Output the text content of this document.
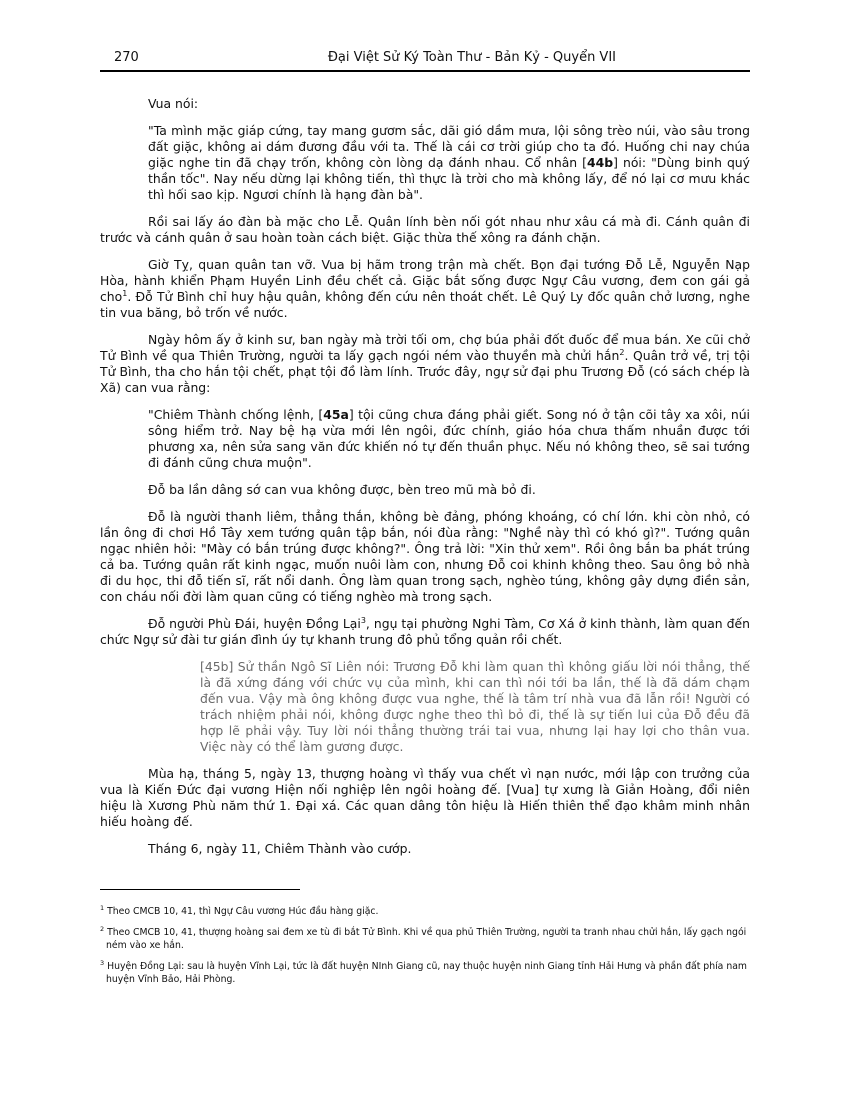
270	Đại Việt Sử Ký Toàn Thư - Bản Kỷ - Quyển VII

Vua nói:

"Ta mình mặc giáp cứng, tay mang gươm sắc, dãi gió dầm mưa, lội sông trèo núi, vào sâu trong đất giặc, không ai dám đương đầu với ta. Thế là cái cơ trời giúp cho ta đó. Huống chi nay chúa giặc nghe tin đã chạy trốn, không còn lòng dạ đánh nhau. Cổ nhân [44b] nói: "Dùng binh quý thần tốc". Nay nếu dừng lại không tiến, thì thực là trời cho mà không lấy, để nó lại cơ mưu khác thì hối sao kịp. Ngươi chính là hạng đàn bà".

Rồi sai lấy áo đàn bà mặc cho Lễ. Quân lính bèn nối gót nhau như xâu cá mà đi. Cánh quân đi trước và cánh quân ở sau hoàn toàn cách biệt. Giặc thừa thế xông ra đánh chặn.

Giờ Tỵ, quan quân tan vỡ. Vua bị hãm trong trận mà chết. Bọn đại tướng Đỗ Lễ, Nguyễn Nạp Hòa, hành khiển Phạm Huyền Linh đều chết cả. Giặc bắt sống được Ngự Câu vương, đem con gái gả cho$^1$. Đỗ Tử Bình chỉ huy hậu quân, không đến cứu nên thoát chết. Lê Quý Ly đốc quân chở lương, nghe tin vua băng, bỏ trốn về nước.

Ngày hôm ấy ở kinh sư, ban ngày mà trời tối om, chợ búa phải đốt đuốc để mua bán. Xe cũi chở Tử Bình về qua Thiên Trường, người ta lấy gạch ngói ném vào thuyền mà chửi hắn$^2$. Quân trở về, trị tội Tử Bình, tha cho hắn tội chết, phạt tội đồ làm lính. Trước đây, ngự sử đại phu Trương Đỗ (có sách chép là Xã) can vua rằng:

"Chiêm Thành chống lệnh, [45a] tội cũng chưa đáng phải giết. Song nó ở tận cõi tây xa xôi, núi sông hiểm trở. Nay bệ hạ vừa mới lên ngôi, đức chính, giáo hóa chưa thấm nhuần được tới phương xa, nên sửa sang văn đức khiến nó tự đến thuần phục. Nếu nó không theo, sẽ sai tướng đi đánh cũng chưa muộn".

Đỗ ba lần dâng sớ can vua không được, bèn treo mũ mà bỏ đi.

Đỗ là người thanh liêm, thẳng thắn, không bè đảng, phóng khoáng, có chí lớn. khi còn nhỏ, có lần ông đi chơi Hồ Tây xem tướng quân tập bắn, nói đùa rằng: "Nghề này thì có khó gì?". Tướng quân ngạc nhiên hỏi: "Mày có bắn trúng được không?". Ông trả lời: "Xin thử xem". Rồi ông bắn ba phát trúng cả ba. Tướng quân rất kinh ngạc, muốn nuôi làm con, nhưng Đỗ coi khinh không theo. Sau ông bỏ nhà đi du học, thi đỗ tiến sĩ, rất nổi danh. Ông làm quan trong sạch, nghèo túng, không gây dựng điền sản, con cháu nối đời làm quan cũng có tiếng nghèo mà trong sạch.

Đỗ người Phù Đái, huyện Đồng Lại$^3$, ngụ tại phường Nghi Tàm, Cơ Xá ở kinh thành, làm quan đến chức Ngự sử đài tư gián đình úy tự khanh trung đô phủ tổng quản rồi chết.

[45b] Sử thần Ngô Sĩ Liên nói: Trương Đỗ khi làm quan thì không giấu lời nói thẳng, thế là đã xứng đáng với chức vụ của mình, khi can thì nói tới ba lần, thế là đã dám chạm đến vua. Vậy mà ông không được vua nghe, thế là tâm trí nhà vua đã lẫn rồi! Người có trách nhiệm phải nói, không được nghe theo thì bỏ đi, thế là sự tiến lui của Đỗ đều đã hợp lẽ phải vậy. Tuy lời nói thẳng thường trái tai vua, nhưng lại hay lợi cho thân vua. Việc này có thể làm gương được.

Mùa hạ, tháng 5, ngày 13, thượng hoàng vì thấy vua chết vì nạn nước, mới lập con trưởng của vua là Kiến Đức đại vương Hiện nối nghiệp lên ngôi hoàng đế. [Vua] tự xưng là Giản Hoàng, đổi niên hiệu là Xương Phù năm thứ 1. Đại xá. Các quan dâng tôn hiệu là Hiến thiên thể đạo khâm minh nhân hiếu hoàng đế.

Tháng 6, ngày 11, Chiêm Thành vào cướp.

$^1$ Theo CMCB 10, 41, thì Ngự Câu vương Húc đầu hàng giặc.

$^2$ Theo CMCB 10, 41, thượng hoàng sai đem xe tù đi bắt Tử Bình. Khi về qua phủ Thiên Trường, người ta tranh nhau chửi hắn, lấy gạch ngói ném vào xe hắn.

$^3$ Huyện Đồng Lại: sau là huyện Vĩnh Lại, tức là đất huyện NInh Giang cũ, nay thuộc huyện ninh Giang tỉnh Hải Hưng và phần đất phía nam huyện Vĩnh Bảo, Hải Phòng.
